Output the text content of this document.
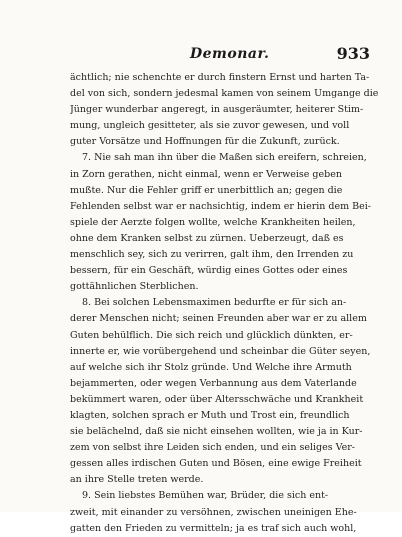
Demonar.	933
ächtlich; nie schenchte er durch finstern Ernst und harten Ta-
del von sich, sondern jedesmal kamen von seinem Umgange die
Jünger wunderbar angeregt, in ausgeräumter, heiterer Stim-
mung, ungleich gesitteter, als sie zuvor gewesen, und voll
guter Vorsätze und Hoffnungen für die Zukunft, zurück.
7. Nie sah man ihn über die Maßen sich ereifern, schreien,
in Zorn gerathen, nicht einmal, wenn er Verweise geben
mußte. Nur die Fehler griff er unerbittlich an; gegen die
Fehlenden selbst war er nachsichtig, indem er hierin dem Bei-
spiele der Aerzte folgen wollte, welche Krankheiten heilen,
ohne dem Kranken selbst zu zürnen. Ueberzeugt, daß es
menschlich sey, sich zu verirren, galt ihm, den Irrenden zu
bessern, für ein Geschäft, würdig eines Gottes oder eines
gottähnlichen Sterblichen.
8. Bei solchen Lebensmaximen bedurfte er für sich an-
derer Menschen nicht; seinen Freunden aber war er zu allem
Guten behülflich. Die sich reich und glücklich dünkten, er-
innerte er, wie vorübergehend und scheinbar die Güter seyen,
auf welche sich ihr Stolz gründe. Und Welche ihre Armuth
bejammerten, oder wegen Verbannung aus dem Vaterlande
bekümmert waren, oder über Altersschwäche und Krankheit
klagten, solchen sprach er Muth und Trost ein, freundlich
sie belächelnd, daß sie nicht einsehen wollten, wie ja in Kur-
zem von selbst ihre Leiden sich enden, und ein seliges Ver-
gessen alles irdischen Guten und Bösen, eine ewige Freiheit
an ihre Stelle treten werde.
9. Sein liebstes Bemühen war, Brüder, die sich ent-
zweit, mit einander zu versöhnen, zwischen uneinigen Ehe-
gatten den Frieden zu vermitteln; ja es traf sich auch wohl,
